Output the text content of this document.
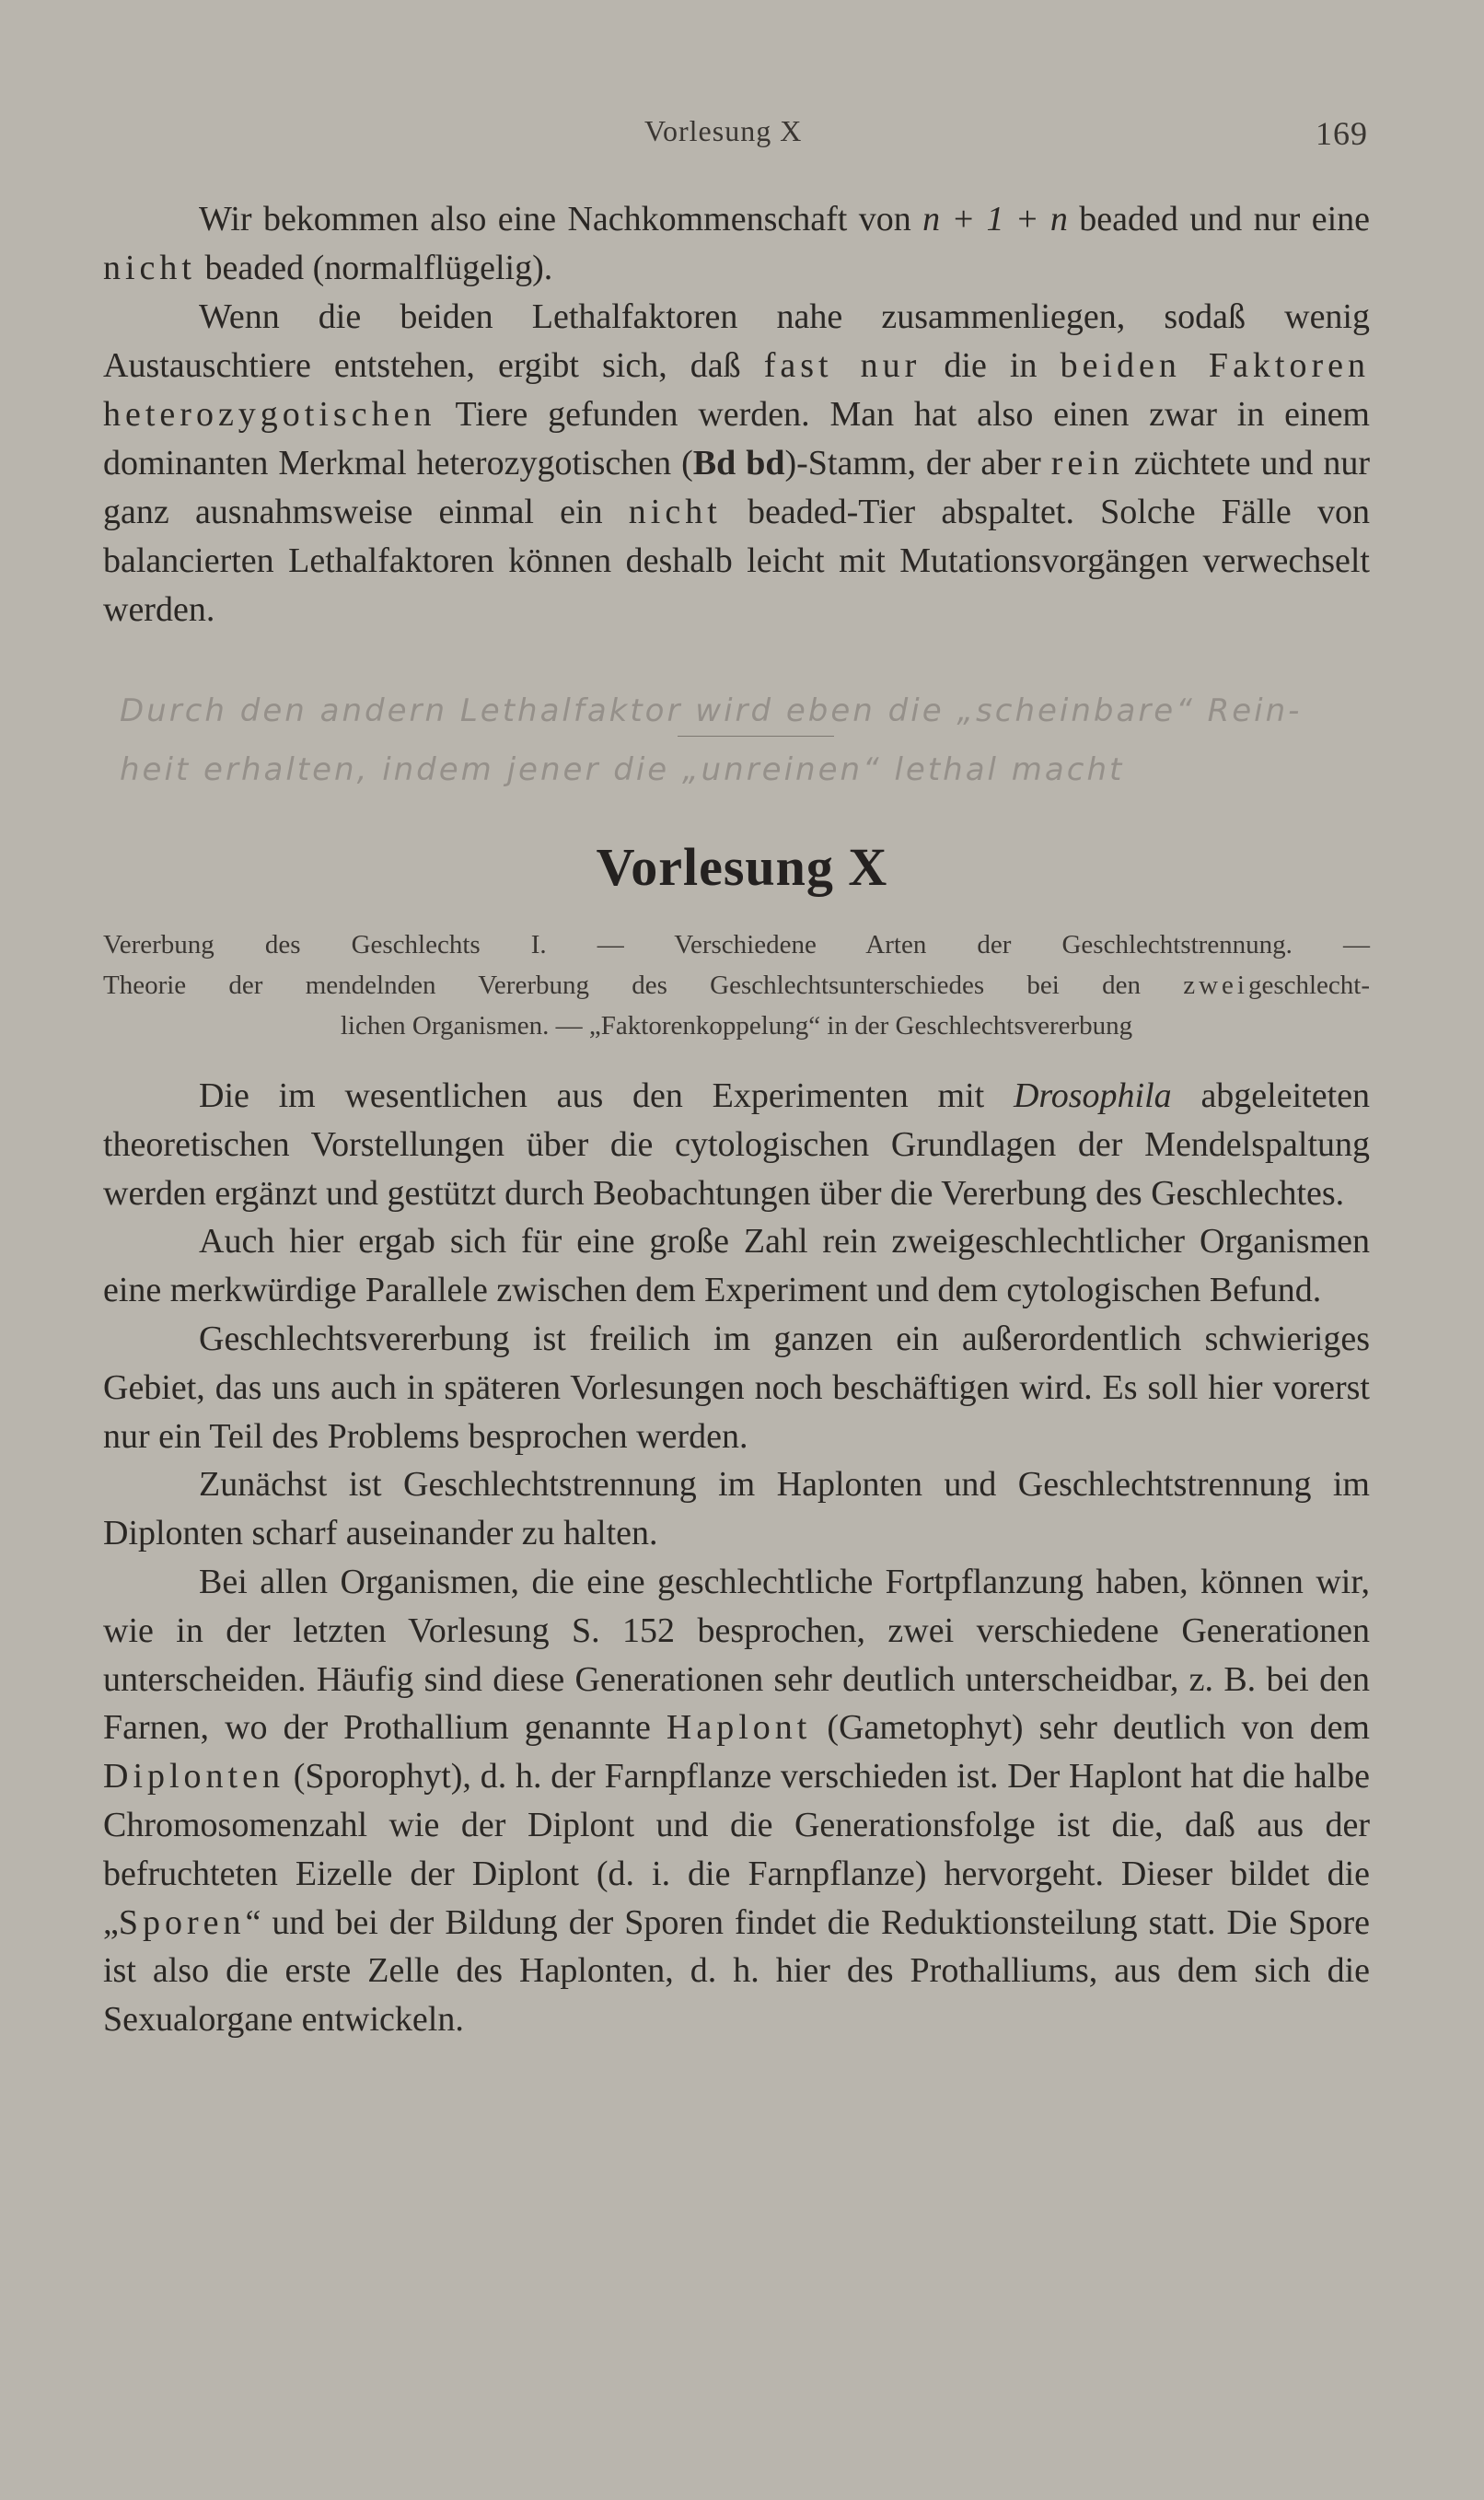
Vorlesung X	169

Wir bekommen also eine Nachkommenschaft von n + 1 + n beaded und nur eine nicht beaded (normalflügelig).

Wenn die beiden Lethalfaktoren nahe zusammenliegen, sodaß wenig Austauschtiere entstehen, ergibt sich, daß fast nur die in beiden Faktoren heterozygotischen Tiere gefunden werden. Man hat also einen zwar in einem dominanten Merkmal heterozygotischen (Bd bd)-Stamm, der aber rein züchtete und nur ganz ausnahmsweise einmal ein nicht beaded-Tier abspaltet. Solche Fälle von balancierten Lethalfaktoren können deshalb leicht mit Mutationsvorgängen verwechselt werden.

Durch den andern Lethalfaktor wird eben die „scheinbare“ Rein-
heit erhalten, indem jener die „unreinen“ lethal macht
Vorlesung X
Vererbung des Geschlechts I. — Verschiedene Arten der Geschlechtstrennung. —
Theorie der mendelnden Vererbung des Geschlechtsunterschiedes bei den zweigeschlecht-
lichen Organismen. — „Faktorenkoppelung“ in der Geschlechtsvererbung

Die im wesentlichen aus den Experimenten mit Drosophila abgeleiteten theoretischen Vorstellungen über die cytologischen Grundlagen der Mendelspaltung werden ergänzt und gestützt durch Beobachtungen über die Vererbung des Geschlechtes.

Auch hier ergab sich für eine große Zahl rein zweigeschlechtlicher Organismen eine merkwürdige Parallele zwischen dem Experiment und dem cytologischen Befund.

Geschlechtsvererbung ist freilich im ganzen ein außerordentlich schwieriges Gebiet, das uns auch in späteren Vorlesungen noch beschäftigen wird. Es soll hier vorerst nur ein Teil des Problems besprochen werden.

Zunächst ist Geschlechtstrennung im Haplonten und Geschlechtstrennung im Diplonten scharf auseinander zu halten.

Bei allen Organismen, die eine geschlechtliche Fortpflanzung haben, können wir, wie in der letzten Vorlesung S. 152 besprochen, zwei verschiedene Generationen unterscheiden. Häufig sind diese Generationen sehr deutlich unterscheidbar, z. B. bei den Farnen, wo der Prothallium genannte Haplont (Gametophyt) sehr deutlich von dem Diplonten (Sporophyt), d. h. der Farnpflanze verschieden ist. Der Haplont hat die halbe Chromosomenzahl wie der Diplont und die Generationsfolge ist die, daß aus der befruchteten Eizelle der Diplont (d. i. die Farnpflanze) hervorgeht. Dieser bildet die „Sporen“ und bei der Bildung der Sporen findet die Reduktionsteilung statt. Die Spore ist also die erste Zelle des Haplonten, d. h. hier des Prothalliums, aus dem sich die Sexualorgane entwickeln.
